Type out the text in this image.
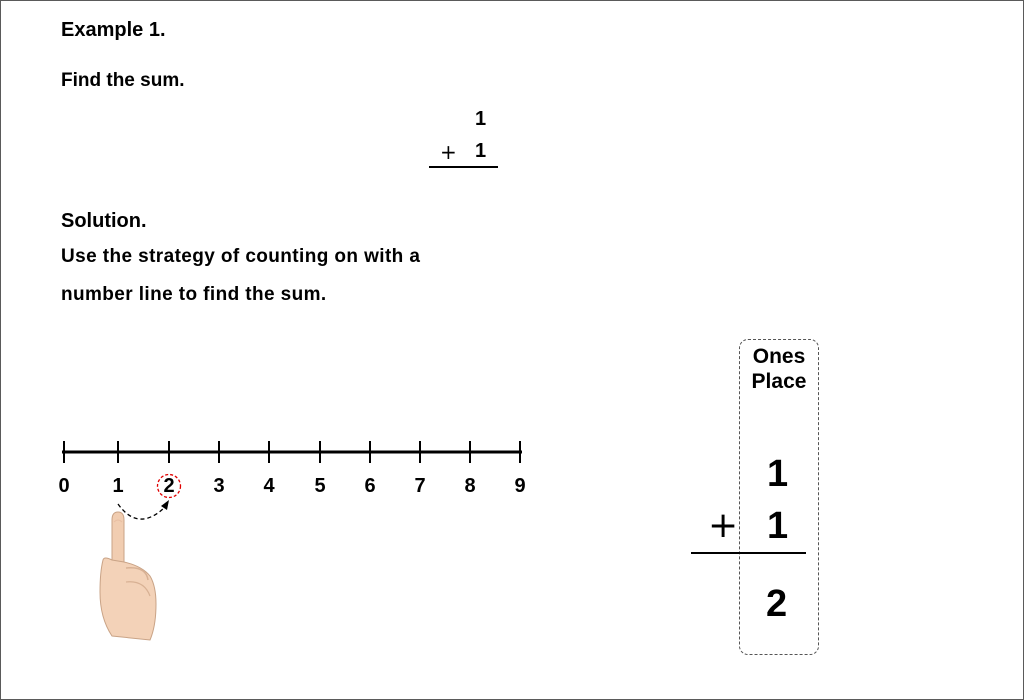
Example 1.
Find the sum.
1
+ 1
Solution.
Use the strategy of counting on with a
number line to find the sum.
0 1 2 3 4 5 6 7 8 9
Ones
Place
1
+ 1
2
